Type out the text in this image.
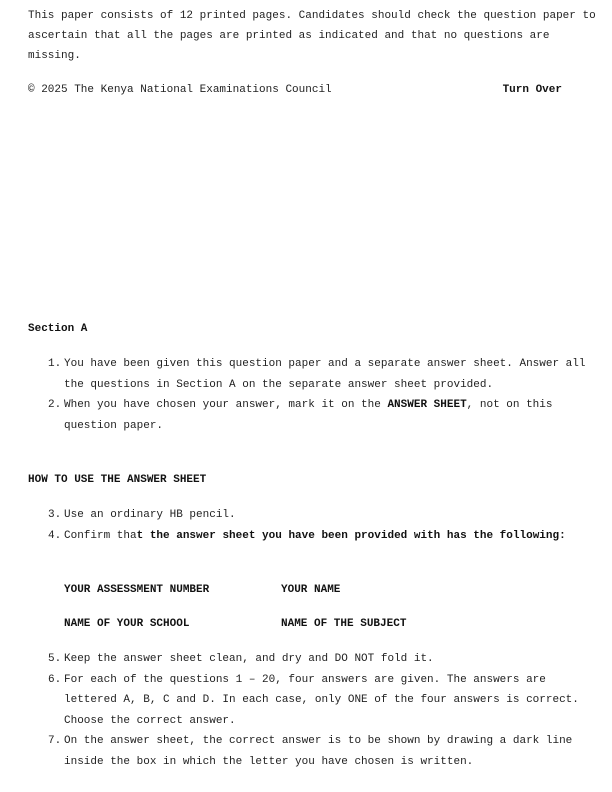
This paper consists of 12 printed pages. Candidates should check the question paper to ascertain that all the pages are printed as indicated and that no questions are missing.

© 2025 The Kenya National Examinations Council	Turn Over
Section A
1. You have been given this question paper and a separate answer sheet. Answer all the questions in Section A on the separate answer sheet provided.
2. When you have chosen your answer, mark it on the ANSWER SHEET, not on this question paper.
HOW TO USE THE ANSWER SHEET
3. Use an ordinary HB pencil.
4. Confirm that the answer sheet you have been provided with has the following:
YOUR ASSESSMENT NUMBER	YOUR NAME
NAME OF YOUR SCHOOL	NAME OF THE SUBJECT
5. Keep the answer sheet clean, and dry and DO NOT fold it.
6. For each of the questions 1 – 20, four answers are given. The answers are lettered A, B, C and D. In each case, only ONE of the four answers is correct. Choose the correct answer.
7. On the answer sheet, the correct answer is to be shown by drawing a dark line inside the box in which the letter you have chosen is written.
